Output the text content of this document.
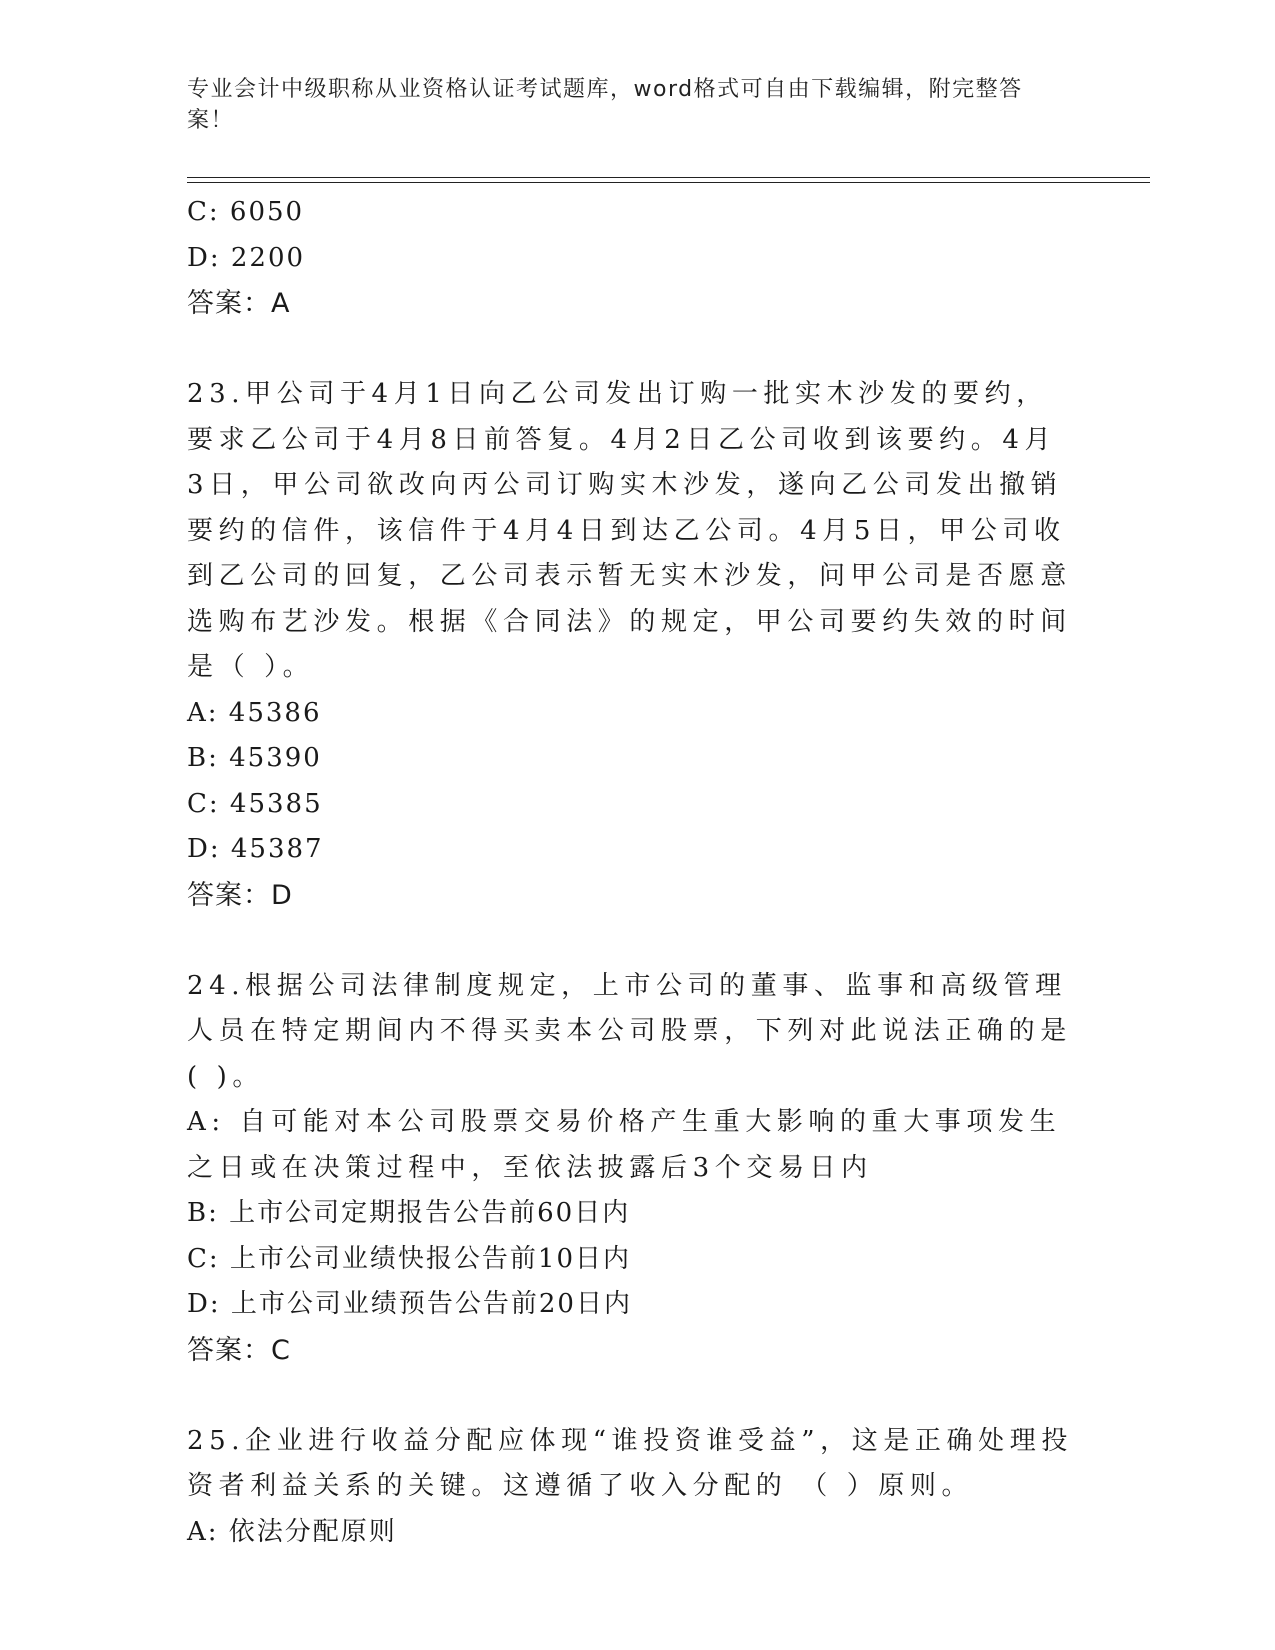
专业会计中级职称从业资格认证考试题库，word格式可自由下载编辑，附完整答案！
C: 6050
D: 2200
答案：A
23.甲公司于4月1日向乙公司发出订购一批实木沙发的要约，要求乙公司于4月8日前答复。4月2日乙公司收到该要约。4月3日，甲公司欲改向丙公司订购实木沙发，遂向乙公司发出撤销要约的信件，该信件于4月4日到达乙公司。4月5日，甲公司收到乙公司的回复，乙公司表示暂无实木沙发，问甲公司是否愿意选购布艺沙发。根据《合同法》的规定，甲公司要约失效的时间是（ ）。
A: 45386
B: 45390
C: 45385
D: 45387
答案：D
24.根据公司法律制度规定，上市公司的董事、监事和高级管理人员在特定期间内不得买卖本公司股票，下列对此说法正确的是( )。
A: 自可能对本公司股票交易价格产生重大影响的重大事项发生之日或在决策过程中，至依法披露后3个交易日内
B: 上市公司定期报告公告前60日内
C: 上市公司业绩快报公告前10日内
D: 上市公司业绩预告公告前20日内
答案：C
25.企业进行收益分配应体现“谁投资谁受益”，这是正确处理投资者利益关系的关键。这遵循了收入分配的 （ ）原则。
A: 依法分配原则
